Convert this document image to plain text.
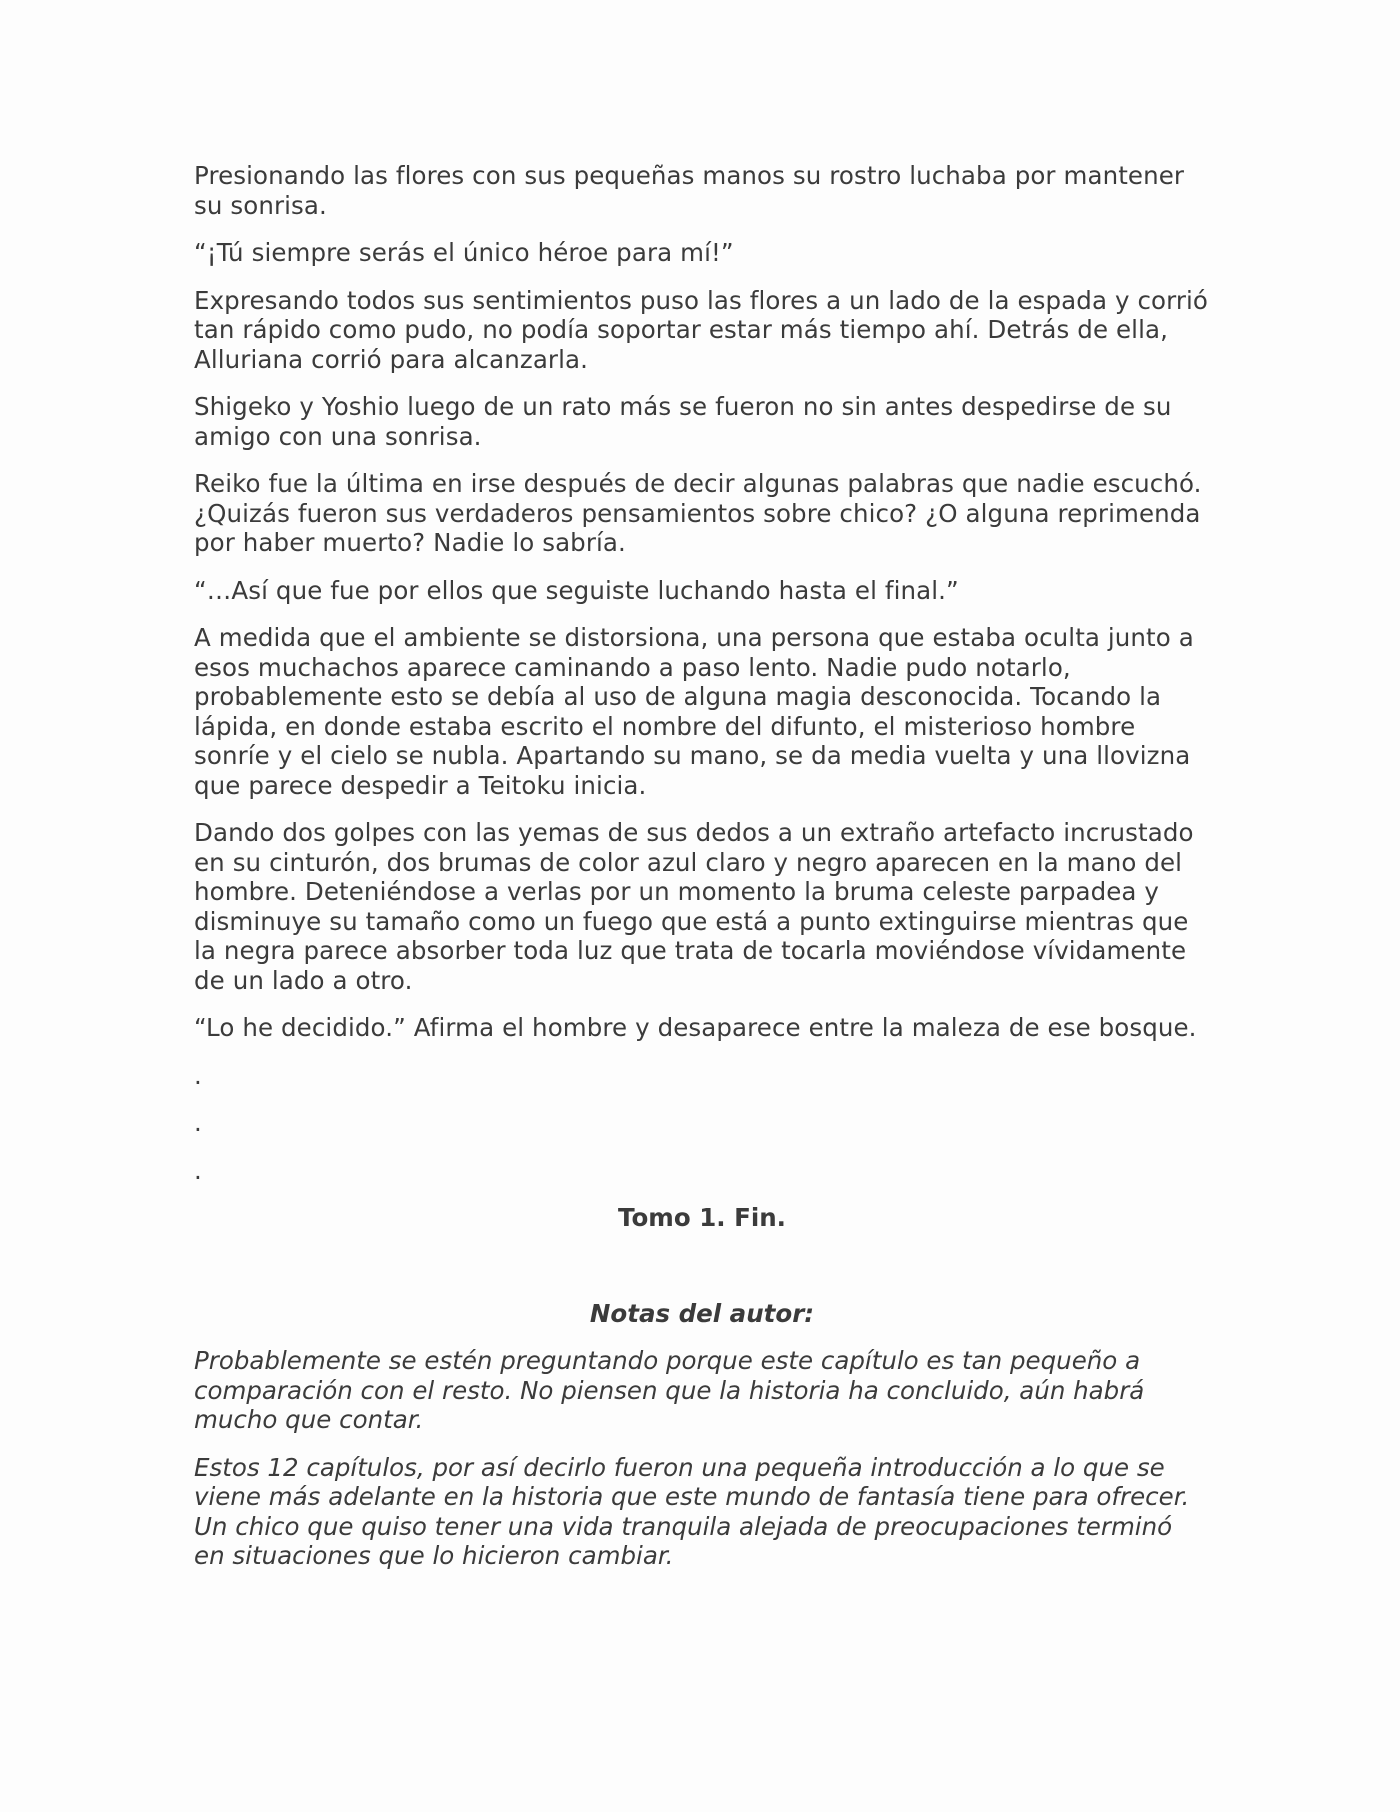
Presionando las flores con sus pequeñas manos su rostro luchaba por mantener su sonrisa.

“¡Tú siempre serás el único héroe para mí!”

Expresando todos sus sentimientos puso las flores a un lado de la espada y corrió tan rápido como pudo, no podía soportar estar más tiempo ahí. Detrás de ella, Alluriana corrió para alcanzarla.

Shigeko y Yoshio luego de un rato más se fueron no sin antes despedirse de su amigo con una sonrisa.

Reiko fue la última en irse después de decir algunas palabras que nadie escuchó. ¿Quizás fueron sus verdaderos pensamientos sobre chico? ¿O alguna reprimenda por haber muerto? Nadie lo sabría.

“…Así que fue por ellos que seguiste luchando hasta el final.”

A medida que el ambiente se distorsiona, una persona que estaba oculta junto a esos muchachos aparece caminando a paso lento. Nadie pudo notarlo, probablemente esto se debía al uso de alguna magia desconocida. Tocando la lápida, en donde estaba escrito el nombre del difunto, el misterioso hombre sonríe y el cielo se nubla. Apartando su mano, se da media vuelta y una llovizna que parece despedir a Teitoku inicia.

Dando dos golpes con las yemas de sus dedos a un extraño artefacto incrustado en su cinturón, dos brumas de color azul claro y negro aparecen en la mano del hombre. Deteniéndose a verlas por un momento la bruma celeste parpadea y disminuye su tamaño como un fuego que está a punto extinguirse mientras que la negra parece absorber toda luz que trata de tocarla moviéndose vívidamente de un lado a otro.

“Lo he decidido.” Afirma el hombre y desaparece entre la maleza de ese bosque.

.

.

.

Tomo 1. Fin.

Notas del autor:

Probablemente se estén preguntando porque este capítulo es tan pequeño a comparación con el resto. No piensen que la historia ha concluido, aún habrá mucho que contar.

Estos 12 capítulos, por así decirlo fueron una pequeña introducción a lo que se viene más adelante en la historia que este mundo de fantasía tiene para ofrecer. Un chico que quiso tener una vida tranquila alejada de preocupaciones terminó en situaciones que lo hicieron cambiar.
